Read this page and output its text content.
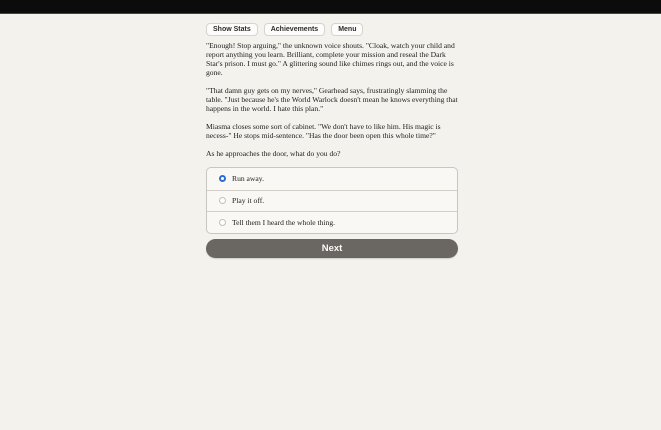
Show Stats	Achievements	Menu

"Enough! Stop arguing," the unknown voice shouts. "Cloak, watch your child and report anything you learn. Brilliant, complete your mission and reseal the Dark Star's prison. I must go." A glittering sound like chimes rings out, and the voice is gone.

"That damn guy gets on my nerves," Gearhead says, frustratingly slamming the table. "Just because he's the World Warlock doesn't mean he knows everything that happens in the world. I hate this plan."

Miasma closes some sort of cabinet. "We don't have to like him. His magic is necess-" He stops mid-sentence. "Has the door been open this whole time?"

As he approaches the door, what do you do?

Run away.
Play it off.
Tell them I heard the whole thing.
Next
